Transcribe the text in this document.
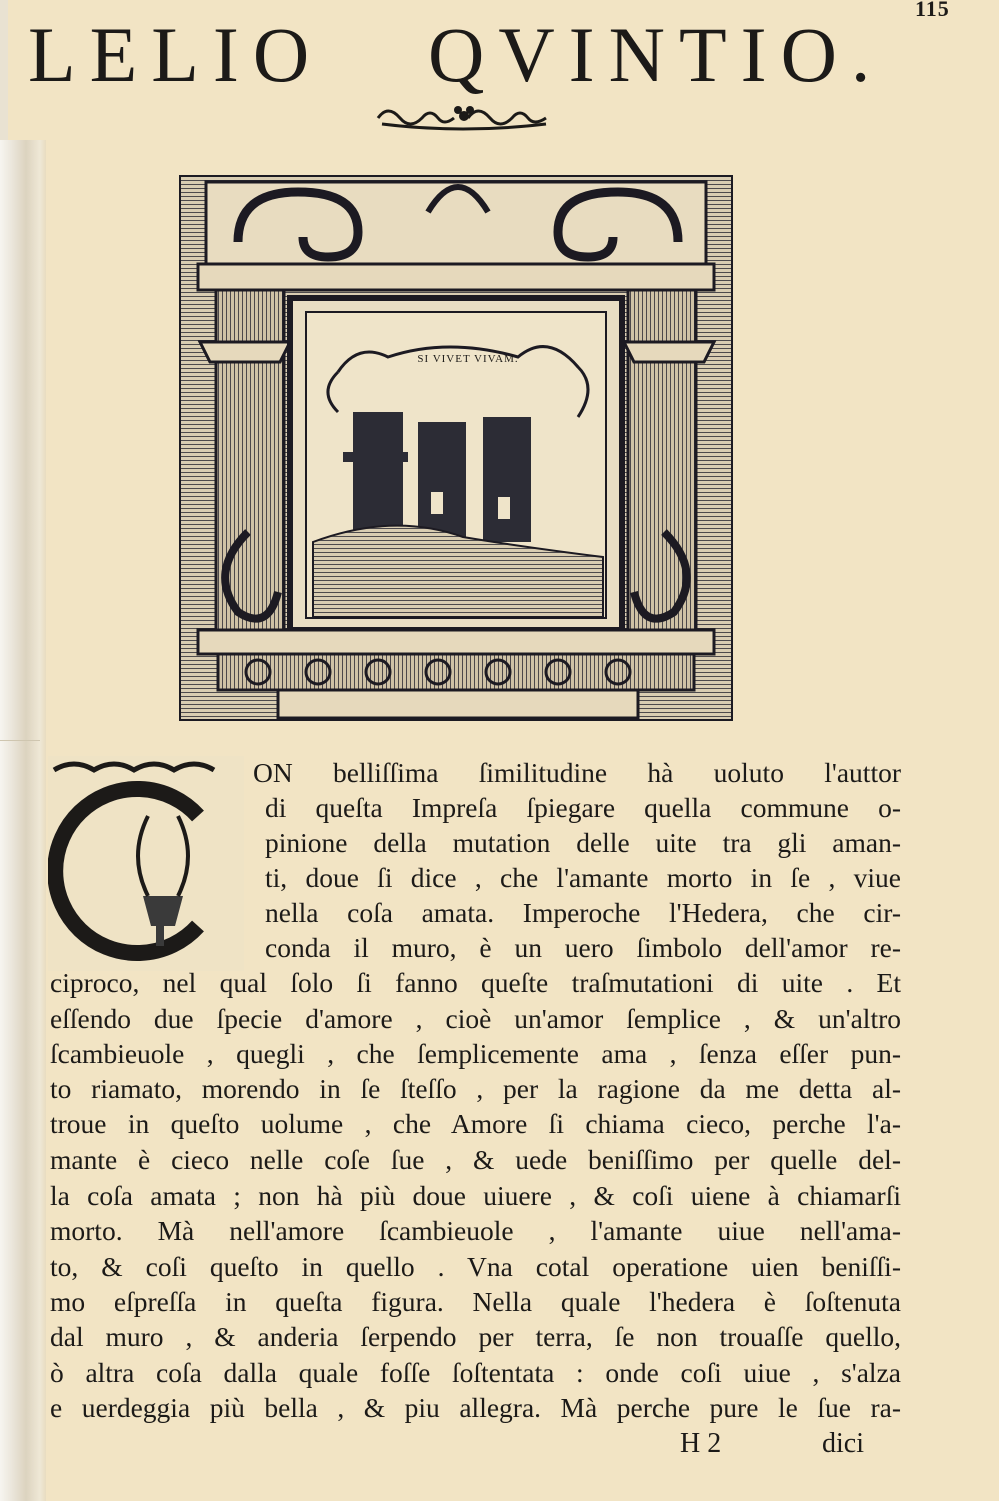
115
LELIO QVINTIO.
SI VIVET VIVAM.
ON belliſſima ſimilitudine hà uoluto l'auttor
di queſta Impreſa ſpiegare quella commune o-
pinione della mutation delle uite tra gli aman-
ti, doue ſi dice , che l'amante morto in ſe , viue
nella coſa amata. Imperoche l'Hedera, che cir-
conda il muro, è un uero ſimbolo dell'amor re-
ciproco, nel qual ſolo ſi fanno queſte traſmutationi di uite . Et
eſſendo due ſpecie d'amore , cioè un'amor ſemplice , & un'altro
ſcambieuole , quegli , che ſemplicemente ama , ſenza eſſer pun-
to riamato, morendo in ſe ſteſſo , per la ragione da me detta al-
troue in queſto uolume , che Amore ſi chiama cieco, perche l'a-
mante è cieco nelle coſe ſue , & uede beniſſimo per quelle del-
la coſa amata ; non hà più doue uiuere , & coſi uiene à chiamarſi
morto. Mà nell'amore ſcambieuole , l'amante uiue nell'ama-
to, & coſi queſto in quello . Vna cotal operatione uien beniſſi-
mo eſpreſſa in queſta figura. Nella quale l'hedera è ſoſtenuta
dal muro , & anderia ſerpendo per terra, ſe non trouaſſe quello,
ò altra coſa dalla quale foſſe ſoſtentata : onde coſi uiue , s'alza
e uerdeggia più bella , & piu allegra. Mà perche pure le ſue ra-
H 2	dici
